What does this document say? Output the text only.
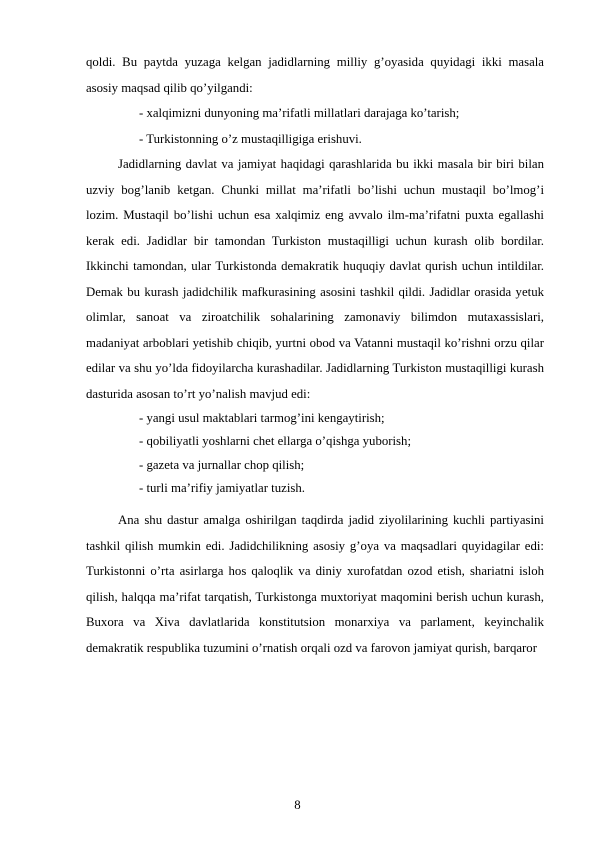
qoldi. Bu paytda yuzaga kelgan jadidlarning milliy g’oyasida quyidagi ikki masala asosiy maqsad qilib qo’yilgandi:

- xalqimizni dunyoning ma’rifatli millatlari darajaga ko’tarish;

- Turkistonning o’z mustaqilligiga erishuvi.

Jadidlarning davlat va jamiyat haqidagi qarashlarida bu ikki masala bir biri bilan uzviy bog’lanib ketgan. Chunki millat ma’rifatli bo’lishi uchun mustaqil bo’lmog’i lozim. Mustaqil bo’lishi uchun esa xalqimiz eng avvalo ilm-ma’rifatni puxta egallashi kerak edi. Jadidlar bir tamondan Turkiston mustaqilligi uchun kurash olib bordilar. Ikkinchi tamondan, ular Turkistonda demakratik huquqiy davlat qurish uchun intildilar. Demak bu kurash jadidchilik mafkurasining asosini tashkil qildi. Jadidlar orasida yetuk olimlar, sanoat va ziroatchilik sohalarining zamonaviy bilimdon mutaxassislari, madaniyat arboblari yetishib chiqib, yurtni obod va Vatanni mustaqil ko’rishni orzu qilar edilar va shu yo’lda fidoyilarcha kurashadilar. Jadidlarning Turkiston mustaqilligi kurash dasturida asosan to’rt yo’nalish mavjud edi:

- yangi usul maktablari tarmog’ini kengaytirish;

- qobiliyatli yoshlarni chet ellarga o’qishga yuborish;

- gazeta va jurnallar chop qilish;

- turli ma’rifiy jamiyatlar tuzish.

Ana shu dastur amalga oshirilgan taqdirda jadid ziyolilarining kuchli partiyasini tashkil qilish mumkin edi. Jadidchilikning asosiy g’oya va maqsadlari quyidagilar edi: Turkistonni o’rta asirlarga hos qaloqlik va diniy xurofatdan ozod etish, shariatni isloh qilish, halqqa ma’rifat tarqatish, Turkistonga muxtoriyat maqomini berish uchun kurash, Buxora va Xiva davlatlarida konstitutsion monarxiya va parlament, keyinchalik demakratik respublika tuzumini o’rnatish orqali ozd va farovon jamiyat qurish, barqaror

8
